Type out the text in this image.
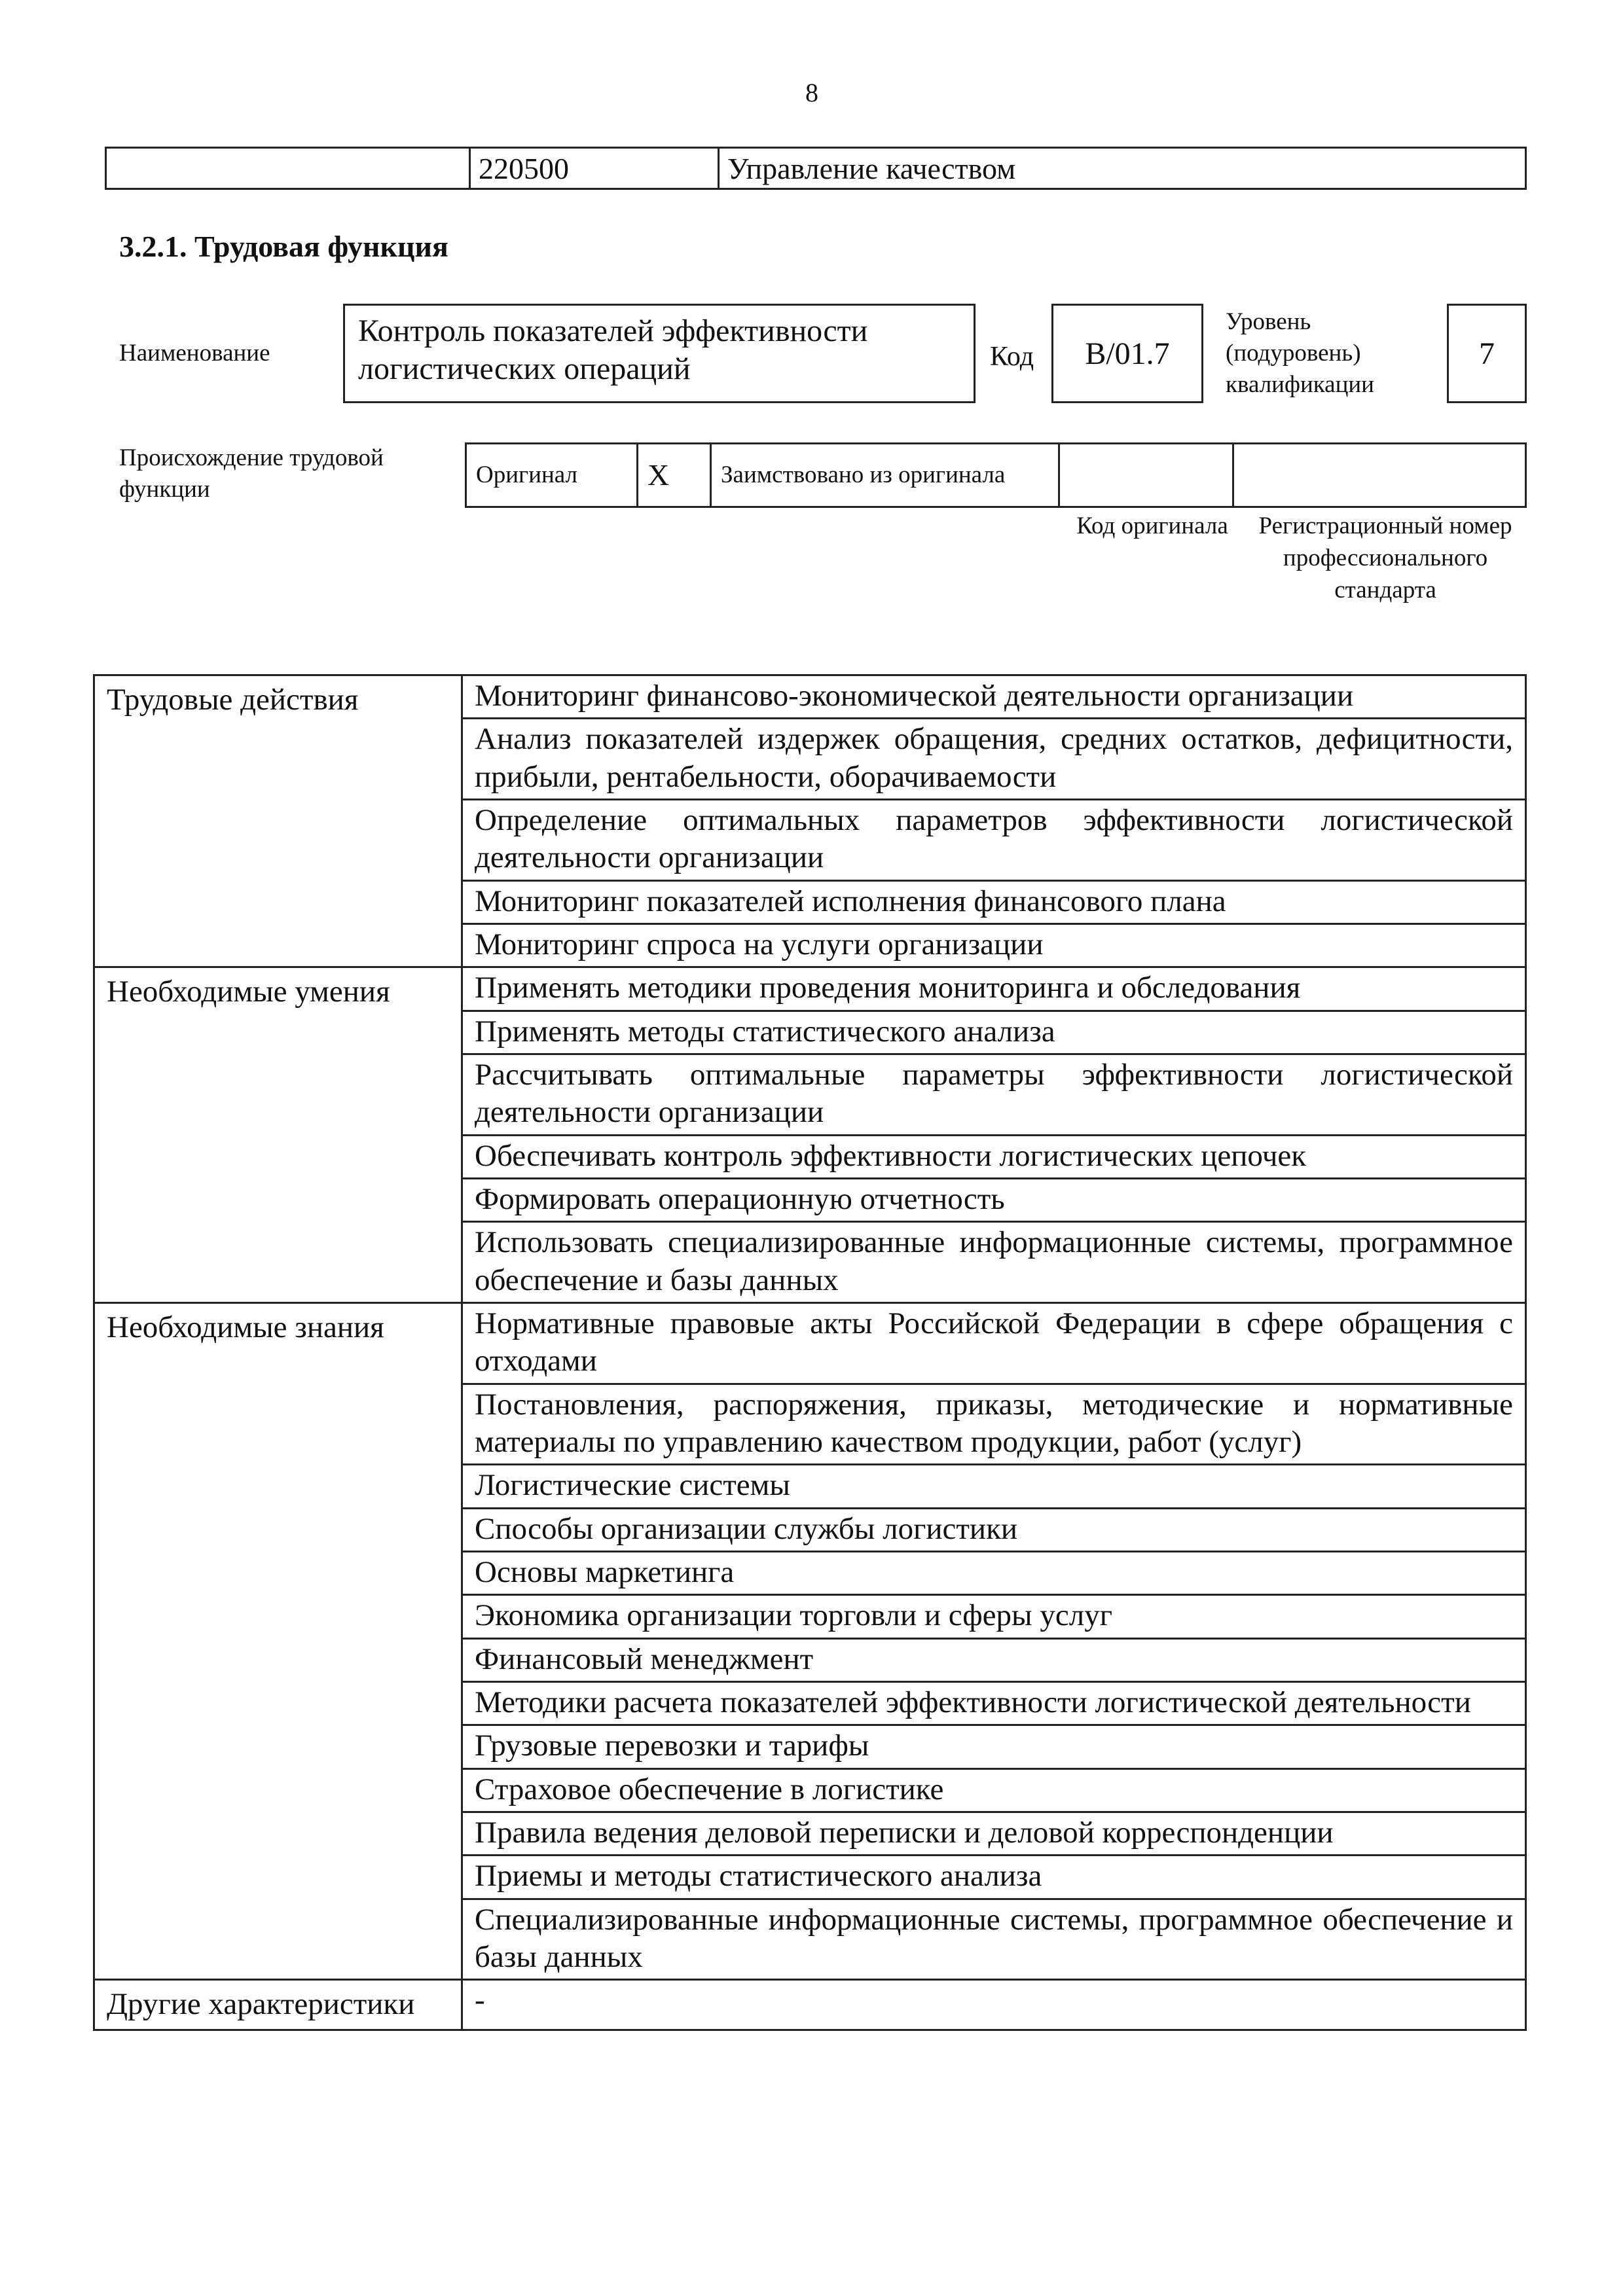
8
	220500	Управление качеством
3.2.1. Трудовая функция
Наименование
Контроль показателей эффективности логистических операций	Код	B/01.7
Уровень (подуровень) квалификации
7
Происхождение трудовой функции
Оригинал	X	Заимствовано из оригинала		
Код оригинала	Регистрационный номер профессионального стандарта
Трудовые действия	Мониторинг финансово-экономической деятельности организации
	Анализ показателей издержек обращения, средних остатков, дефицитности, прибыли, рентабельности, оборачиваемости
	Определение оптимальных параметров эффективности логистической деятельности организации
	Мониторинг показателей исполнения финансового плана
	Мониторинг спроса на услуги организации
Необходимые умения	Применять методики проведения мониторинга и обследования
	Применять методы статистического анализа
	Рассчитывать оптимальные параметры эффективности логистической деятельности организации
	Обеспечивать контроль эффективности логистических цепочек
	Формировать операционную отчетность
	Использовать специализированные информационные системы, программное обеспечение и базы данных
Необходимые знания	Нормативные правовые акты Российской Федерации в сфере обращения с отходами
	Постановления, распоряжения, приказы, методические и нормативные материалы по управлению качеством продукции, работ (услуг)
	Логистические системы
	Способы организации службы логистики
	Основы маркетинга
	Экономика организации торговли и сферы услуг
	Финансовый менеджмент
	Методики расчета показателей эффективности логистической деятельности
	Грузовые перевозки и тарифы
	Страховое обеспечение в логистике
	Правила ведения деловой переписки и деловой корреспонденции
	Приемы и методы статистического анализа
	Специализированные информационные системы, программное обеспечение и базы данных
Другие характеристики	-
